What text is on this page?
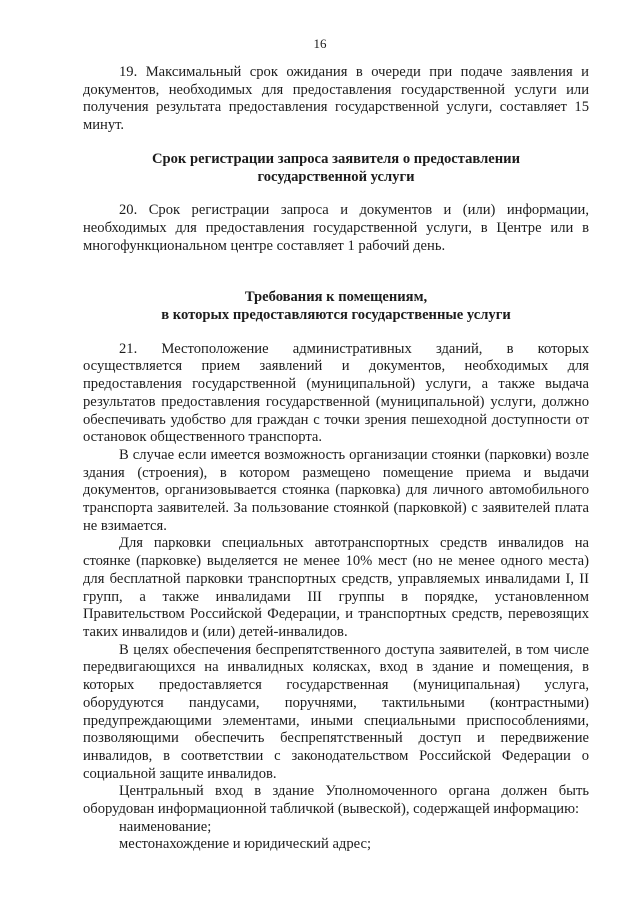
16

19. Максимальный срок ожидания в очереди при подаче заявления и документов, необходимых для предоставления государственной услуги или получения результата предоставления государственной услуги, составляет 15 минут.

Срок регистрации запроса заявителя о предоставлении
государственной услуги

20. Срок регистрации запроса и документов и (или) информации, необходимых для предоставления государственной услуги, в Центре или в многофункциональном центре составляет 1 рабочий день.

Требования к помещениям,
в которых предоставляются государственные услуги

21. Местоположение административных зданий, в которых осуществляется прием заявлений и документов, необходимых для предоставления государственной (муниципальной) услуги, а также выдача результатов предоставления государственной (муниципальной) услуги, должно обеспечивать удобство для граждан с точки зрения пешеходной доступности от остановок общественного транспорта.

В случае если имеется возможность организации стоянки (парковки) возле здания (строения), в котором размещено помещение приема и выдачи документов, организовывается стоянка (парковка) для личного автомобильного транспорта заявителей. За пользование стоянкой (парковкой) с заявителей плата не взимается.

Для парковки специальных автотранспортных средств инвалидов на стоянке (парковке) выделяется не менее 10% мест (но не менее одного места) для бесплатной парковки транспортных средств, управляемых инвалидами I, II групп, а также инвалидами III группы в порядке, установленном Правительством Российской Федерации, и транспортных средств, перевозящих таких инвалидов и (или) детей-инвалидов.

В целях обеспечения беспрепятственного доступа заявителей, в том числе передвигающихся на инвалидных колясках, вход в здание и помещения, в которых предоставляется государственная (муниципальная) услуга, оборудуются пандусами, поручнями, тактильными (контрастными) предупреждающими элементами, иными специальными приспособлениями, позволяющими обеспечить беспрепятственный доступ и передвижение инвалидов, в соответствии с законодательством Российской Федерации о социальной защите инвалидов.

Центральный вход в здание Уполномоченного органа должен быть оборудован информационной табличкой (вывеской), содержащей информацию:

наименование;

местонахождение и юридический адрес;
